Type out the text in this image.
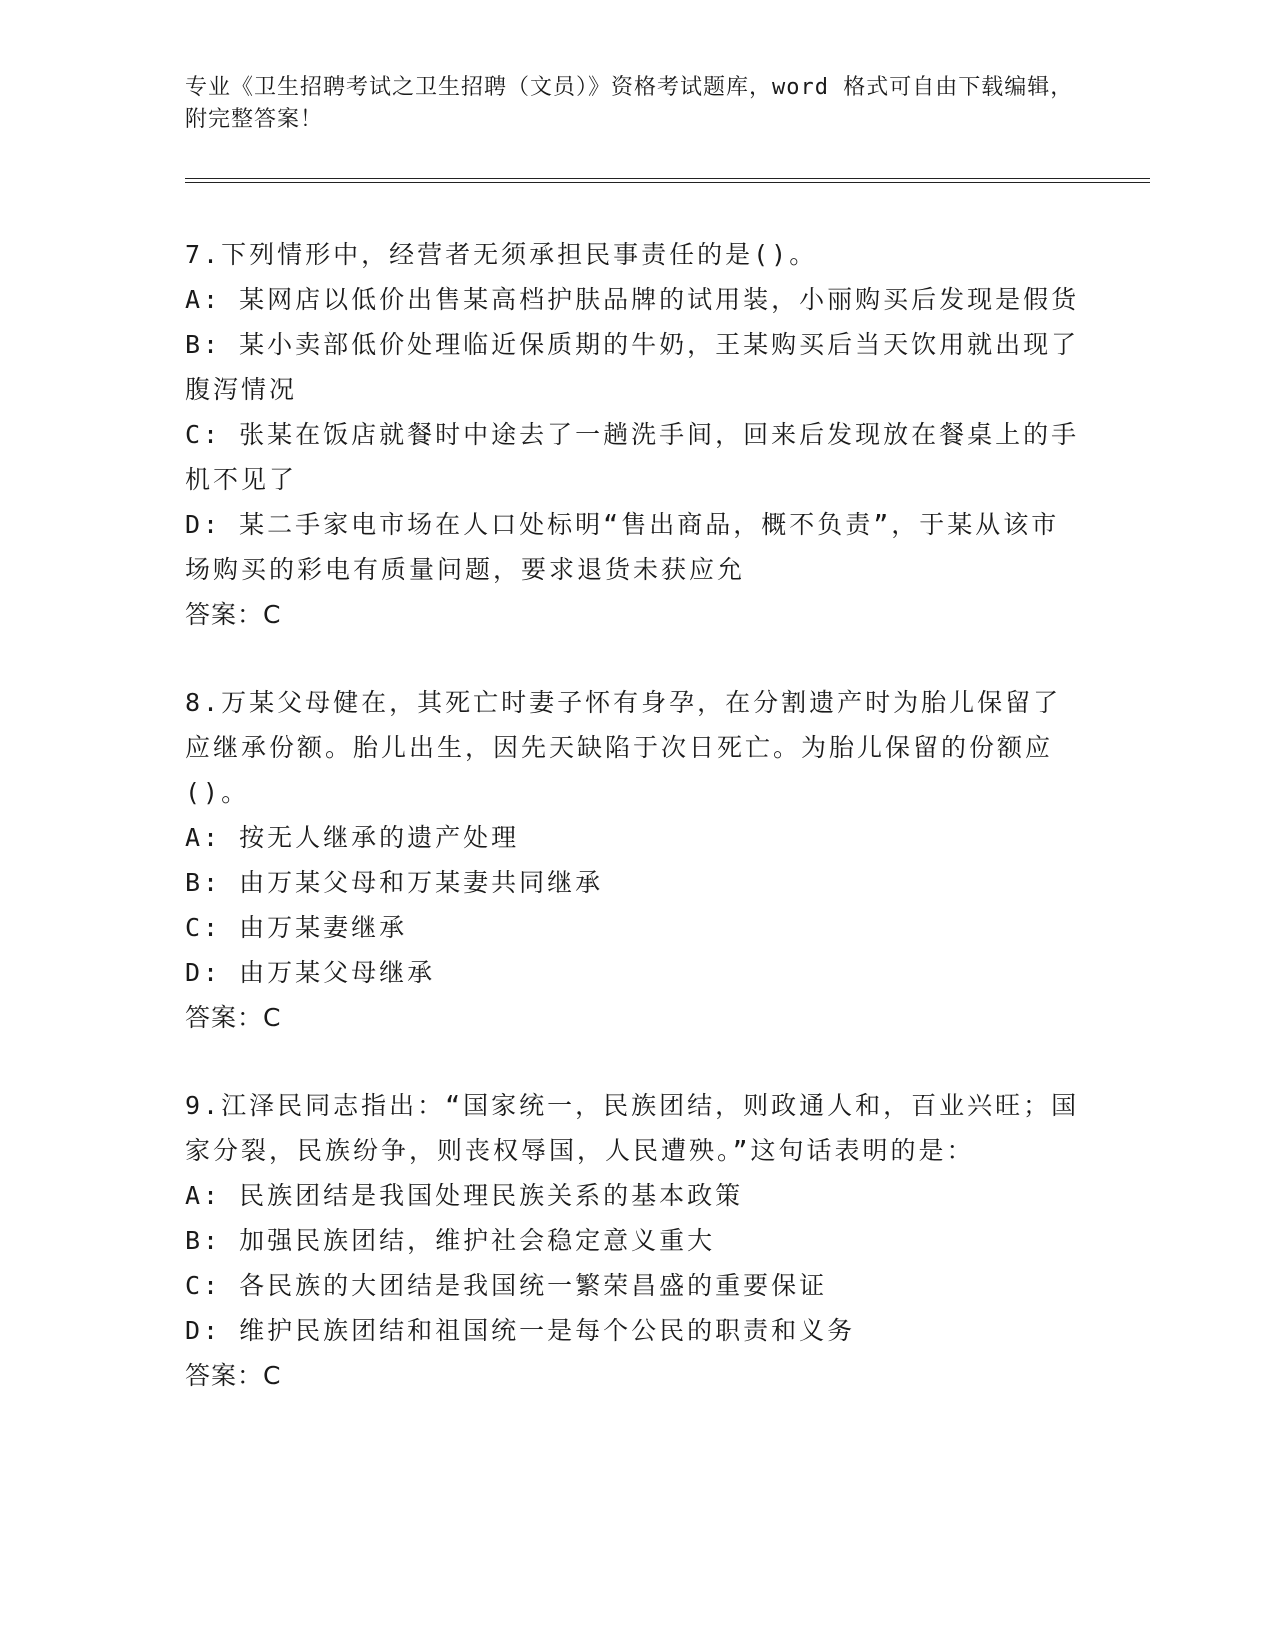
专业《卫生招聘考试之卫生招聘（文员）》资格考试题库，word 格式可自由下载编辑，附完整答案！
7.下列情形中，经营者无须承担民事责任的是()。
A: 某网店以低价出售某高档护肤品牌的试用装，小丽购买后发现是假货
B: 某小卖部低价处理临近保质期的牛奶，王某购买后当天饮用就出现了腹泻情况
C: 张某在饭店就餐时中途去了一趟洗手间，回来后发现放在餐桌上的手机不见了
D: 某二手家电市场在人口处标明“售出商品，概不负责”，于某从该市场购买的彩电有质量问题，要求退货未获应允
答案：C
8.万某父母健在，其死亡时妻子怀有身孕，在分割遗产时为胎儿保留了应继承份额。胎儿出生，因先天缺陷于次日死亡。为胎儿保留的份额应()。
A: 按无人继承的遗产处理
B: 由万某父母和万某妻共同继承
C: 由万某妻继承
D: 由万某父母继承
答案：C
9.江泽民同志指出：“国家统一，民族团结，则政通人和，百业兴旺；国家分裂，民族纷争，则丧权辱国，人民遭殃。”这句话表明的是：
A: 民族团结是我国处理民族关系的基本政策
B: 加强民族团结，维护社会稳定意义重大
C: 各民族的大团结是我国统一繁荣昌盛的重要保证
D: 维护民族团结和祖国统一是每个公民的职责和义务
答案：C
